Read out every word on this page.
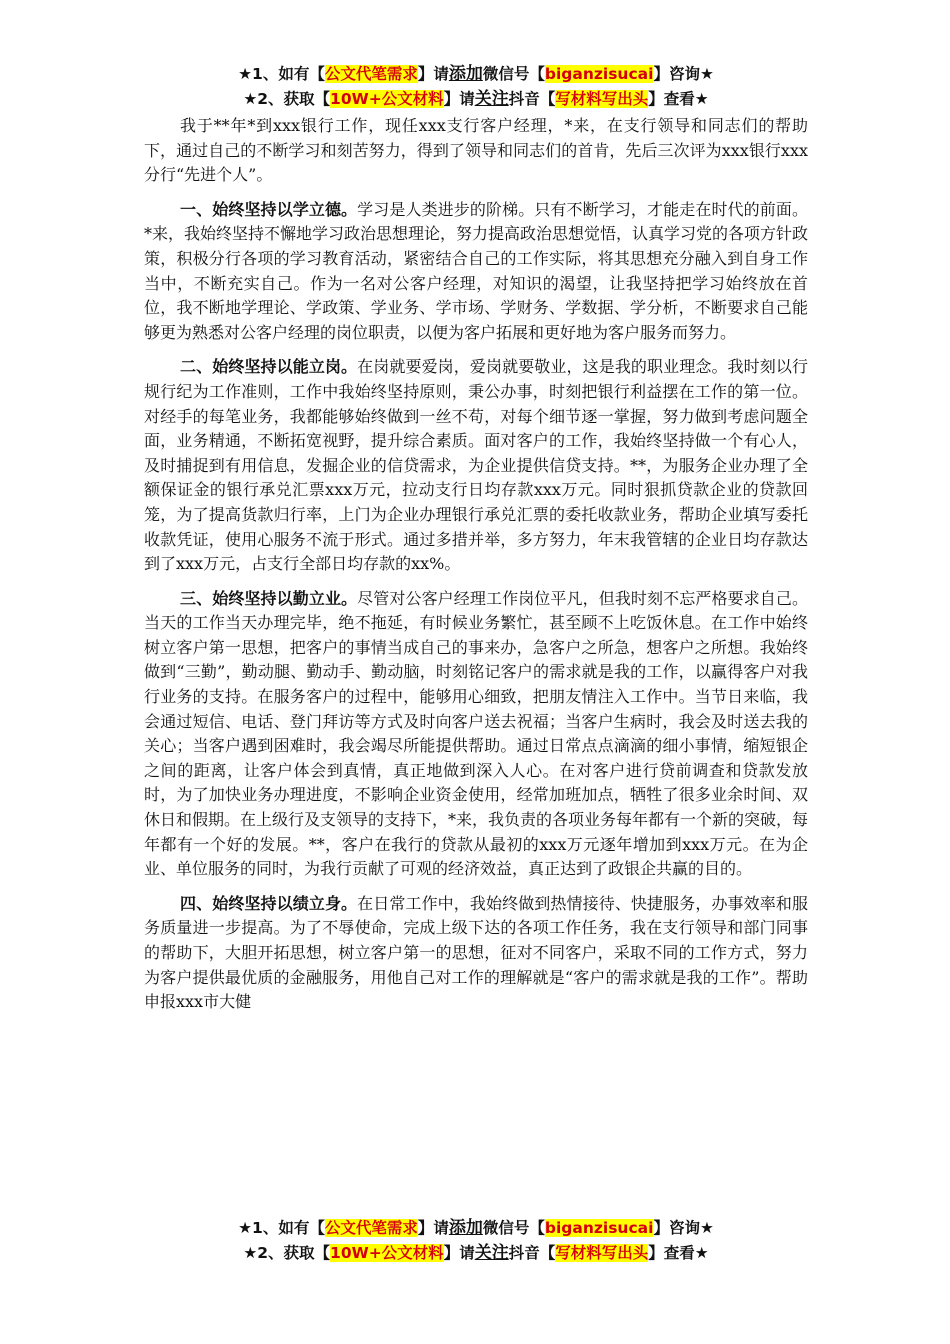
★1、如有【公文代笔需求】请添加微信号【biganzisucai】咨询★
★2、获取【10W+公文材料】请关注抖音【写材料写出头】查看★

我于**年*到xxx银行工作，现任xxx支行客户经理，*来，在支行领导和同志们的帮助下，通过自己的不断学习和刻苦努力，得到了领导和同志们的首肯，先后三次评为xxx银行xxx分行“先进个人”。

一、始终坚持以学立德。学习是人类进步的阶梯。只有不断学习，才能走在时代的前面。*来，我始终坚持不懈地学习政治思想理论，努力提高政治思想觉悟，认真学习党的各项方针政策，积极分行各项的学习教育活动，紧密结合自己的工作实际，将其思想充分融入到自身工作当中，不断充实自己。作为一名对公客户经理，对知识的渴望，让我坚持把学习始终放在首位，我不断地学理论、学政策、学业务、学市场、学财务、学数据、学分析，不断要求自己能够更为熟悉对公客户经理的岗位职责，以便为客户拓展和更好地为客户服务而努力。

二、始终坚持以能立岗。在岗就要爱岗，爱岗就要敬业，这是我的职业理念。我时刻以行规行纪为工作准则，工作中我始终坚持原则，秉公办事，时刻把银行利益摆在工作的第一位。对经手的每笔业务，我都能够始终做到一丝不苟，对每个细节逐一掌握，努力做到考虑问题全面，业务精通，不断拓宽视野，提升综合素质。面对客户的工作，我始终坚持做一个有心人，及时捕捉到有用信息，发掘企业的信贷需求，为企业提供信贷支持。**，为服务企业办理了全额保证金的银行承兑汇票xxx万元，拉动支行日均存款xxx万元。同时狠抓贷款企业的贷款回笼，为了提高货款归行率，上门为企业办理银行承兑汇票的委托收款业务，帮助企业填写委托收款凭证，使用心服务不流于形式。通过多措并举，多方努力，年末我管辖的企业日均存款达到了xxx万元，占支行全部日均存款的xx%。

三、始终坚持以勤立业。尽管对公客户经理工作岗位平凡，但我时刻不忘严格要求自己。当天的工作当天办理完毕，绝不拖延，有时候业务繁忙，甚至顾不上吃饭休息。在工作中始终树立客户第一思想，把客户的事情当成自己的事来办，急客户之所急，想客户之所想。我始终做到“三勤”，勤动腿、勤动手、勤动脑，时刻铭记客户的需求就是我的工作，以赢得客户对我行业务的支持。在服务客户的过程中，能够用心细致，把朋友情注入工作中。当节日来临，我会通过短信、电话、登门拜访等方式及时向客户送去祝福；当客户生病时，我会及时送去我的关心；当客户遇到困难时，我会竭尽所能提供帮助。通过日常点点滴滴的细小事情，缩短银企之间的距离，让客户体会到真情，真正地做到深入人心。在对客户进行贷前调查和贷款发放时，为了加快业务办理进度，不影响企业资金使用，经常加班加点，牺牲了很多业余时间、双休日和假期。在上级行及支领导的支持下，*来，我负责的各项业务每年都有一个新的突破，每年都有一个好的发展。**，客户在我行的贷款从最初的xxx万元逐年增加到xxx万元。在为企业、单位服务的同时，为我行贡献了可观的经济效益，真正达到了政银企共赢的目的。

四、始终坚持以绩立身。在日常工作中，我始终做到热情接待、快捷服务，办事效率和服务质量进一步提高。为了不辱使命，完成上级下达的各项工作任务，我在支行领导和部门同事的帮助下，大胆开拓思想，树立客户第一的思想，征对不同客户，采取不同的工作方式，努力为客户提供最优质的金融服务，用他自己对工作的理解就是“客户的需求就是我的工作”。帮助申报xxx市大健

★1、如有【公文代笔需求】请添加微信号【biganzisucai】咨询★
★2、获取【10W+公文材料】请关注抖音【写材料写出头】查看★
